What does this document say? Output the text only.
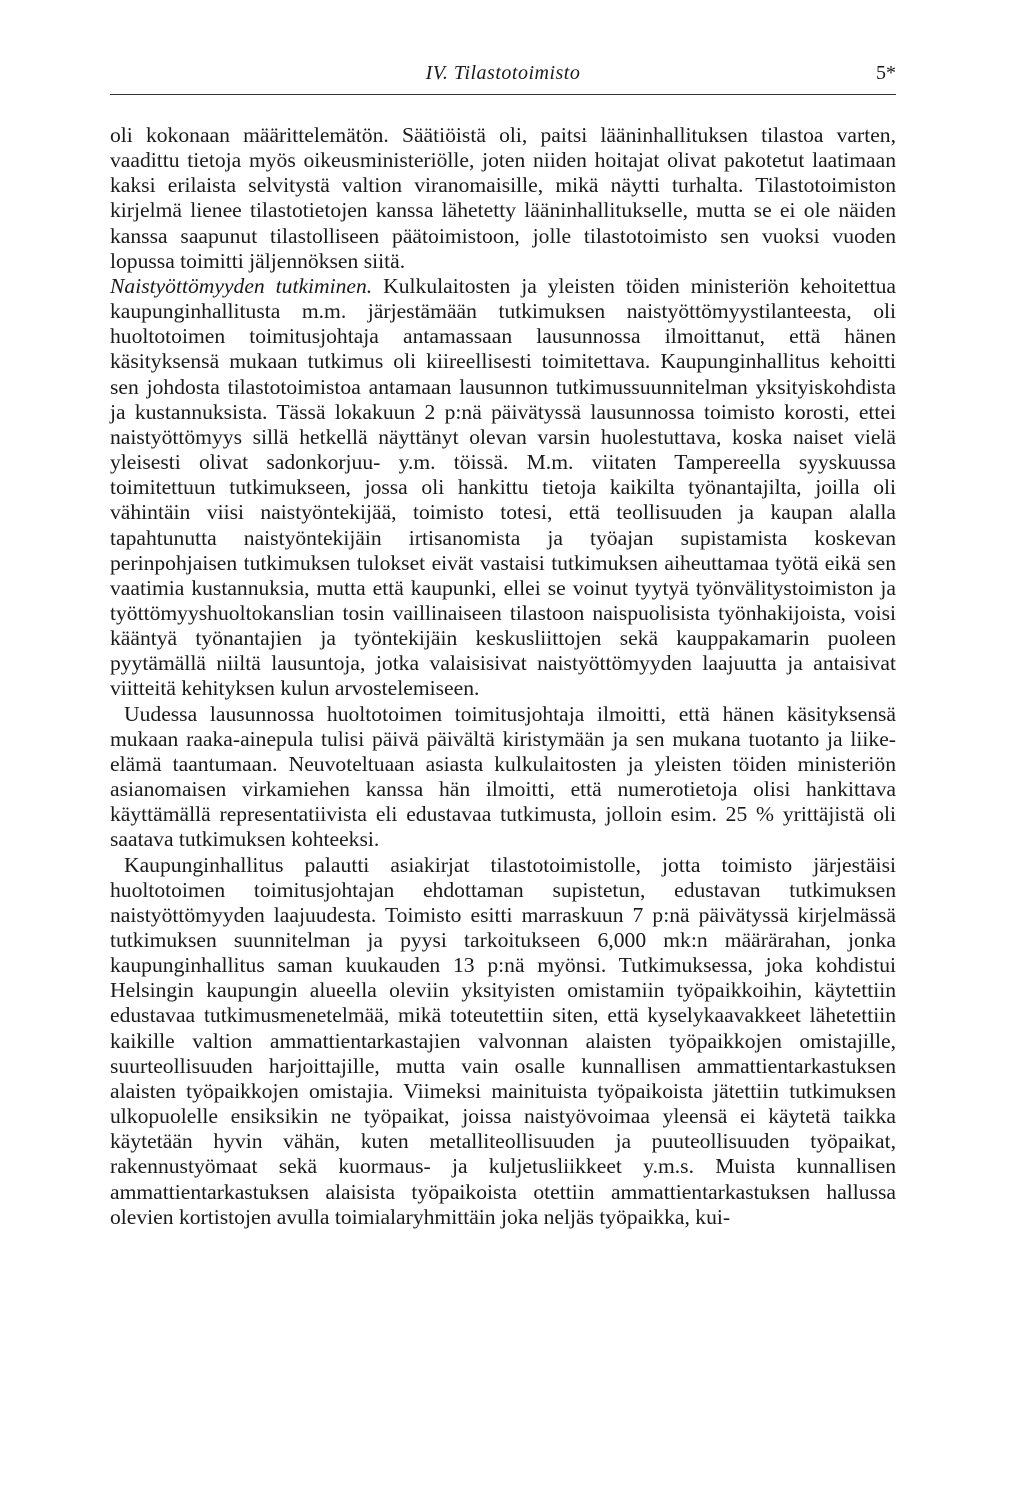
IV. Tilastotoimisto	5*

oli kokonaan määrittelemätön. Säätiöistä oli, paitsi lääninhallituksen tilastoa varten, vaadittu tietoja myös oikeusministeriölle, joten niiden hoitajat olivat pakotetut laatimaan kaksi erilaista selvitystä valtion viranomaisille, mikä näytti turhalta. Tilastotoimiston kirjelmä lienee tilastotietojen kanssa lähetetty lääninhallitukselle, mutta se ei ole näiden kanssa saapunut tilastolliseen päätoimistoon, jolle tilastotoimisto sen vuoksi vuoden lopussa toimitti jäljennöksen siitä.

Naistyöttömyyden tutkiminen. Kulkulaitosten ja yleisten töiden ministeriön kehoitettua kaupunginhallitusta m.m. järjestämään tutkimuksen naistyöttömyystilanteesta, oli huoltotoimen toimitusjohtaja antamassaan lausunnossa ilmoittanut, että hänen käsityksensä mukaan tutkimus oli kiireellisesti toimitettava. Kaupunginhallitus kehoitti sen johdosta tilastotoimistoa antamaan lausunnon tutkimussuunnitelman yksityiskohdista ja kustannuksista. Tässä lokakuun 2 p:nä päivätyssä lausunnossa toimisto korosti, ettei naistyöttömyys sillä hetkellä näyttänyt olevan varsin huolestuttava, koska naiset vielä yleisesti olivat sadonkorjuu- y.m. töissä. M.m. viitaten Tampereella syyskuussa toimitettuun tutkimukseen, jossa oli hankittu tietoja kaikilta työnantajilta, joilla oli vähintäin viisi naistyöntekijää, toimisto totesi, että teollisuuden ja kaupan alalla tapahtunutta naistyöntekijäin irtisanomista ja työajan supistamista koskevan perinpohjaisen tutkimuksen tulokset eivät vastaisi tutkimuksen aiheuttamaa työtä eikä sen vaatimia kustannuksia, mutta että kaupunki, ellei se voinut tyytyä työnvälitystoimiston ja työttömyyshuoltokanslian tosin vaillinaiseen tilastoon naispuolisista työnhakijoista, voisi kääntyä työnantajien ja työntekijäin keskusliittojen sekä kauppakamarin puoleen pyytämällä niiltä lausuntoja, jotka valaisisivat naistyöttömyyden laajuutta ja antaisivat viitteitä kehityksen kulun arvostelemiseen.

Uudessa lausunnossa huoltotoimen toimitusjohtaja ilmoitti, että hänen käsityksensä mukaan raaka-ainepula tulisi päivä päivältä kiristymään ja sen mukana tuotanto ja liike-elämä taantumaan. Neuvoteltuaan asiasta kulkulaitosten ja yleisten töiden ministeriön asianomaisen virkamiehen kanssa hän ilmoitti, että numerotietoja olisi hankittava käyttämällä representatiivista eli edustavaa tutkimusta, jolloin esim. 25 % yrittäjistä oli saatava tutkimuksen kohteeksi.

Kaupunginhallitus palautti asiakirjat tilastotoimistolle, jotta toimisto järjestäisi huoltotoimen toimitusjohtajan ehdottaman supistetun, edustavan tutkimuksen naistyöttömyyden laajuudesta. Toimisto esitti marraskuun 7 p:nä päivätyssä kirjelmässä tutkimuksen suunnitelman ja pyysi tarkoitukseen 6,000 mk:n määrärahan, jonka kaupunginhallitus saman kuukauden 13 p:nä myönsi. Tutkimuksessa, joka kohdistui Helsingin kaupungin alueella oleviin yksityisten omistamiin työpaikkoihin, käytettiin edustavaa tutkimusmenetelmää, mikä toteutettiin siten, että kyselykaavakkeet lähetettiin kaikille valtion ammattientarkastajien valvonnan alaisten työpaikkojen omistajille, suurteollisuuden harjoittajille, mutta vain osalle kunnallisen ammattientarkastuksen alaisten työpaikkojen omistajia. Viimeksi mainituista työpaikoista jätettiin tutkimuksen ulkopuolelle ensiksikin ne työpaikat, joissa naistyövoimaa yleensä ei käytetä taikka käytetään hyvin vähän, kuten metalliteollisuuden ja puuteollisuuden työpaikat, rakennustyömaat sekä kuormaus- ja kuljetusliikkeet y.m.s. Muista kunnallisen ammattientarkastuksen alaisista työpaikoista otettiin ammattientarkastuksen hallussa olevien kortistojen avulla toimialaryhmittäin joka neljäs työpaikka, kui-
